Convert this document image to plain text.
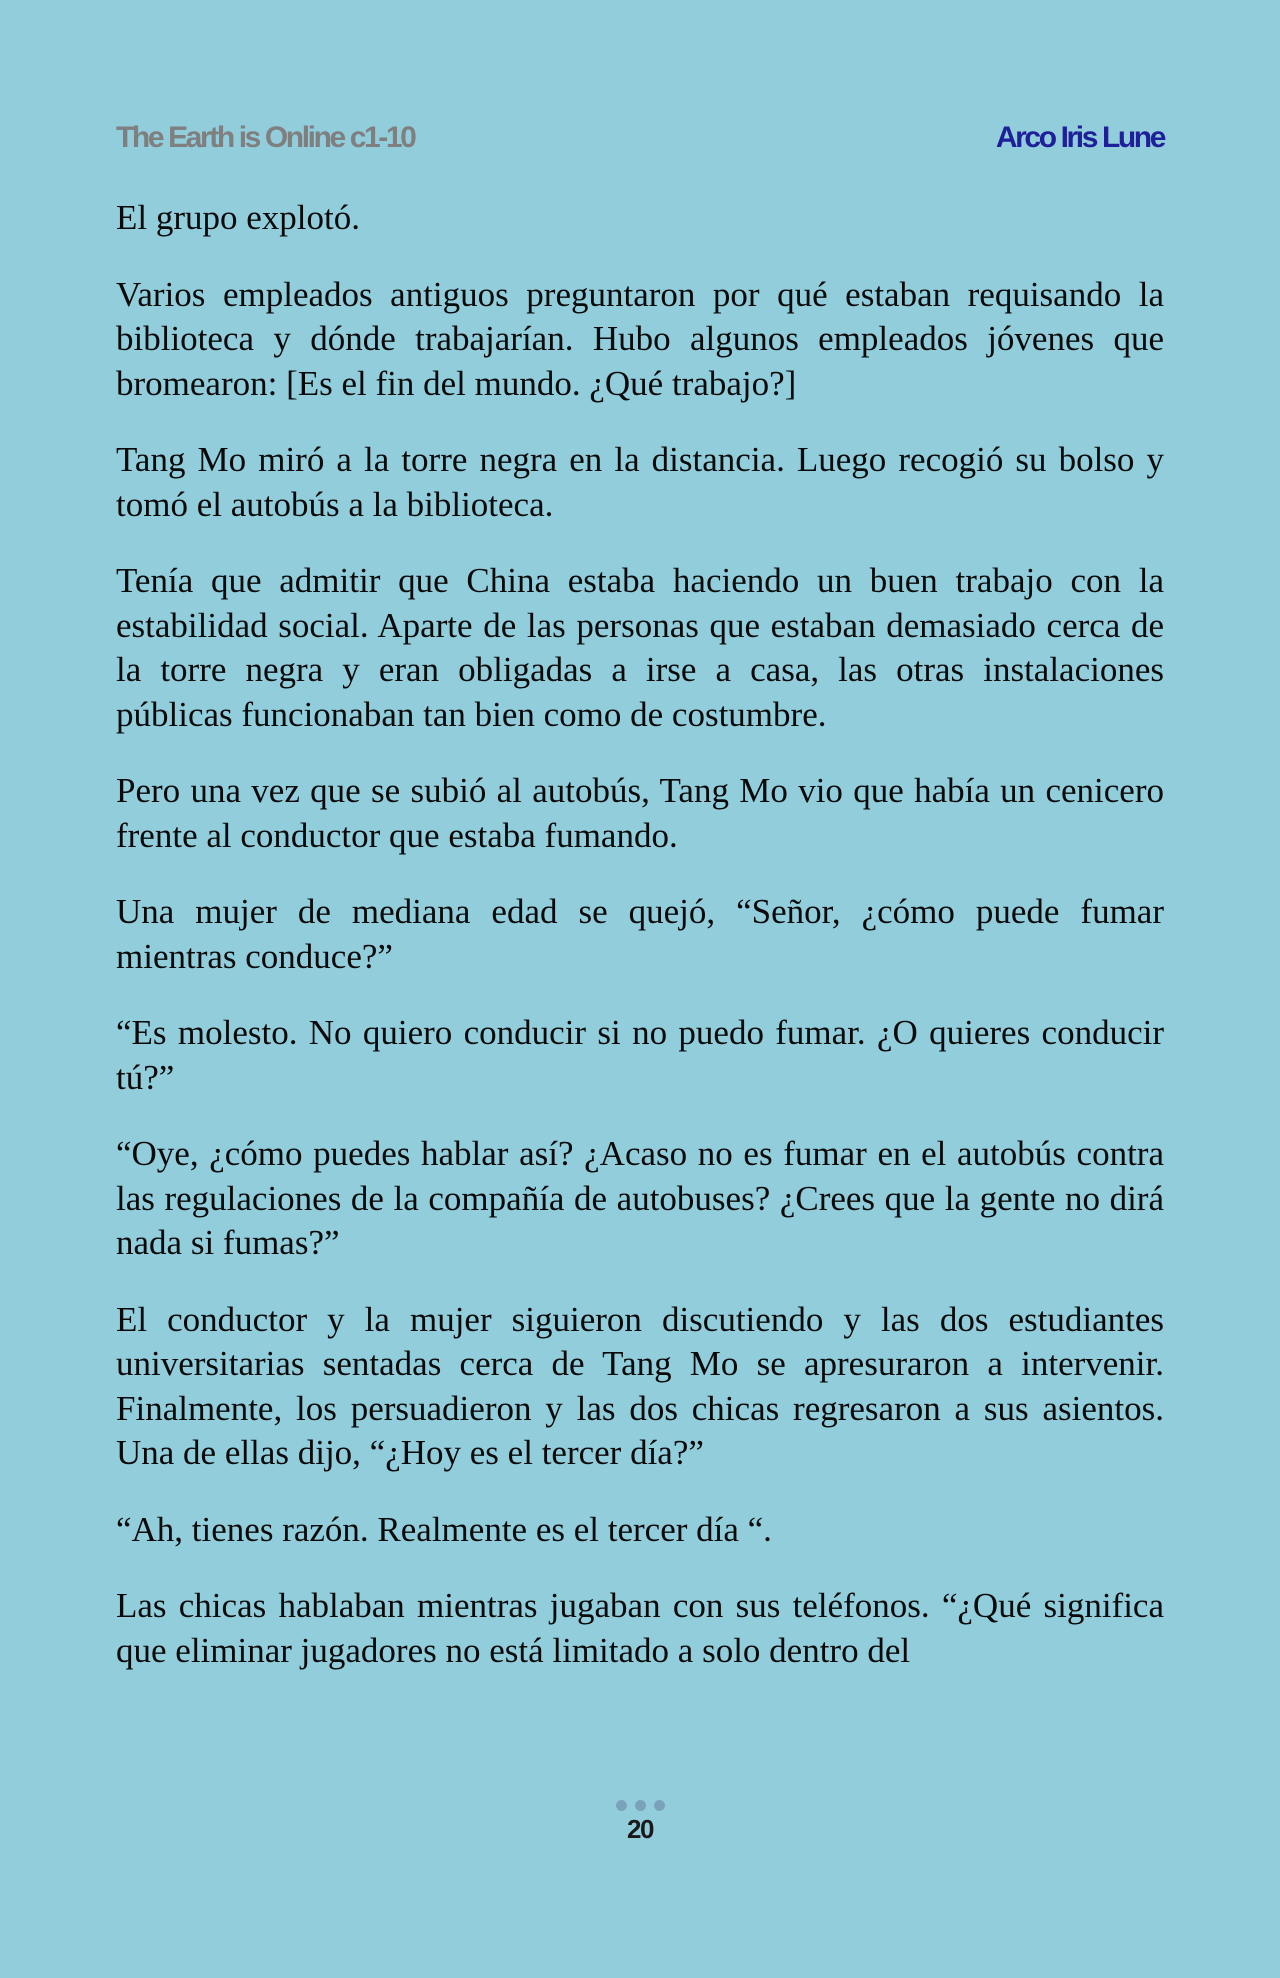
The Earth is Online c1-10	Arco Iris Lune

El grupo explotó.

Varios empleados antiguos preguntaron por qué estaban requisando la biblioteca y dónde trabajarían. Hubo algunos empleados jóvenes que bromearon: [Es el fin del mundo. ¿Qué trabajo?]

Tang Mo miró a la torre negra en la distancia. Luego recogió su bolso y tomó el autobús a la biblioteca.

Tenía que admitir que China estaba haciendo un buen trabajo con la estabilidad social. Aparte de las personas que estaban demasiado cerca de la torre negra y eran obligadas a irse a casa, las otras instalaciones públicas funcionaban tan bien como de costumbre.

Pero una vez que se subió al autobús, Tang Mo vio que había un cenicero frente al conductor que estaba fumando.

Una mujer de mediana edad se quejó, “Señor, ¿cómo puede fumar mientras conduce?”

“Es molesto. No quiero conducir si no puedo fumar. ¿O quieres conducir tú?”

“Oye, ¿cómo puedes hablar así? ¿Acaso no es fumar en el autobús contra las regulaciones de la compañía de autobuses? ¿Crees que la gente no dirá nada si fumas?”

El conductor y la mujer siguieron discutiendo y las dos estudiantes universitarias sentadas cerca de Tang Mo se apresuraron a intervenir. Finalmente, los persuadieron y las dos chicas regresaron a sus asientos. Una de ellas dijo, “¿Hoy es el tercer día?”

“Ah, tienes razón. Realmente es el tercer día “.

Las chicas hablaban mientras jugaban con sus teléfonos. “¿Qué significa que eliminar jugadores no está limitado a solo dentro del

20
